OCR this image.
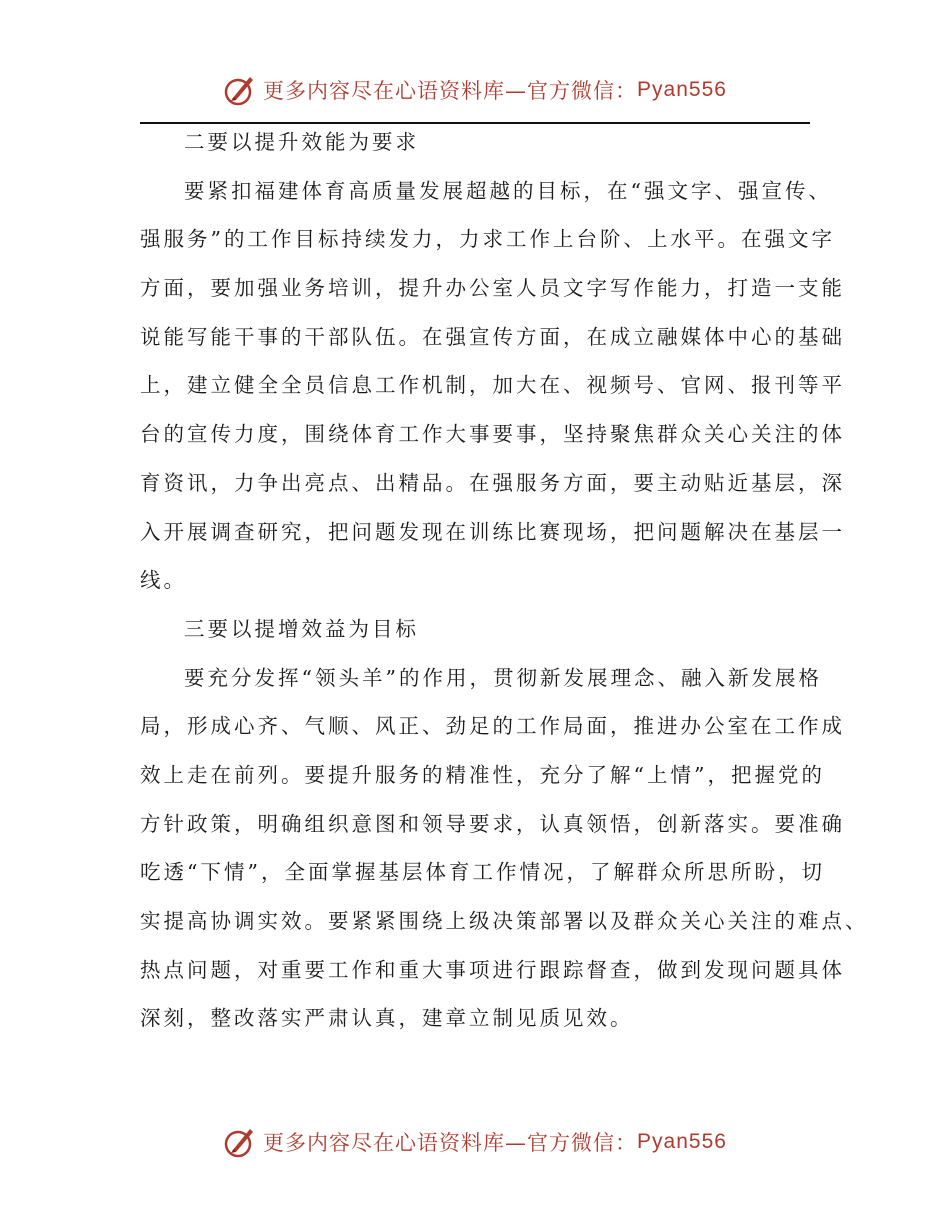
更多内容尽在心语资料库—官方微信： Pyan556
二要以提升效能为要求
要紧扣福建体育高质量发展超越的目标，在“强文字、强宣传、
强服务”的工作目标持续发力，力求工作上台阶、上水平。在强文字
方面，要加强业务培训，提升办公室人员文字写作能力，打造一支能
说能写能干事的干部队伍。在强宣传方面，在成立融媒体中心的基础
上，建立健全全员信息工作机制，加大在、视频号、官网、报刊等平
台的宣传力度，围绕体育工作大事要事，坚持聚焦群众关心关注的体
育资讯，力争出亮点、出精品。在强服务方面，要主动贴近基层，深
入开展调查研究，把问题发现在训练比赛现场，把问题解决在基层一
线。
三要以提增效益为目标
要充分发挥“领头羊”的作用，贯彻新发展理念、融入新发展格
局，形成心齐、气顺、风正、劲足的工作局面，推进办公室在工作成
效上走在前列。要提升服务的精准性，充分了解“上情”，把握党的
方针政策，明确组织意图和领导要求，认真领悟，创新落实。要准确
吃透“下情”，全面掌握基层体育工作情况，了解群众所思所盼，切
实提高协调实效。要紧紧围绕上级决策部署以及群众关心关注的难点、
热点问题，对重要工作和重大事项进行跟踪督查，做到发现问题具体
深刻，整改落实严肃认真，建章立制见质见效。
更多内容尽在心语资料库—官方微信： Pyan556
